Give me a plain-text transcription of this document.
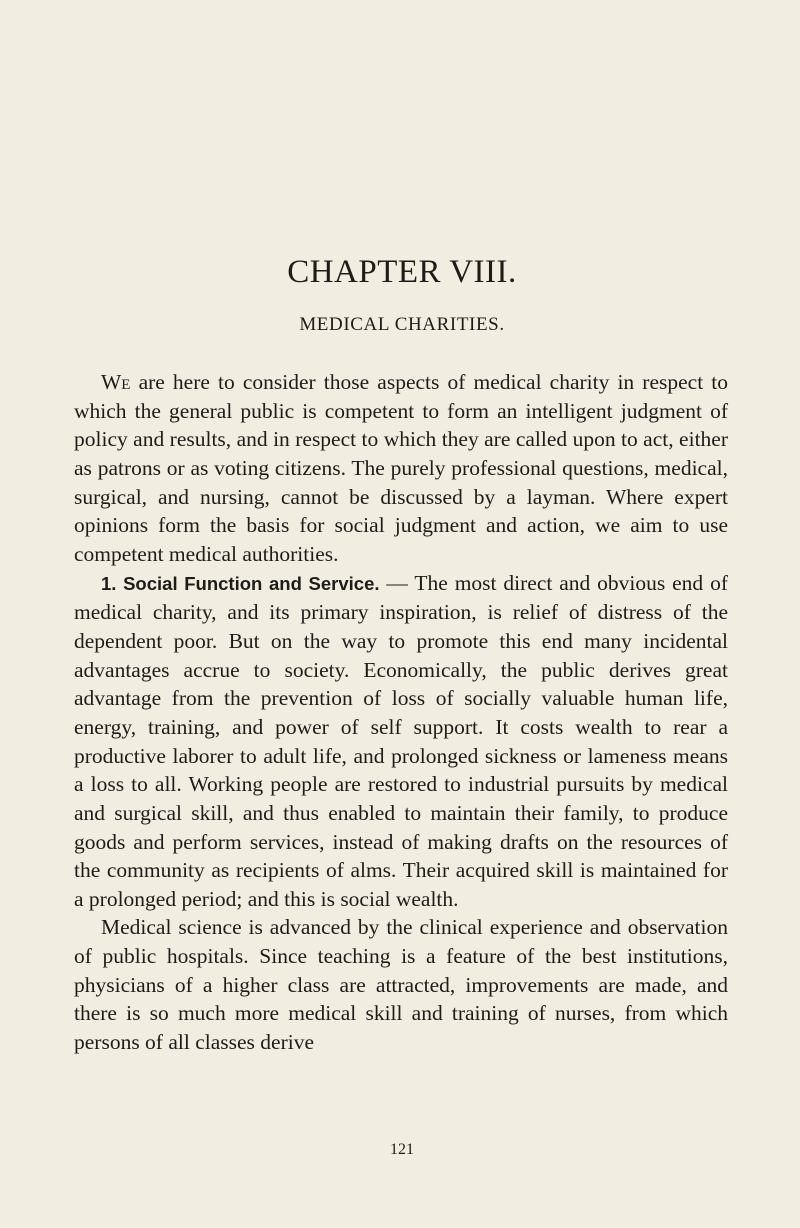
CHAPTER VIII.
MEDICAL CHARITIES.

We are here to consider those aspects of medical charity in respect to which the general public is competent to form an intelligent judgment of policy and results, and in respect to which they are called upon to act, either as patrons or as voting citizens. The purely professional questions, medical, surgical, and nursing, cannot be discussed by a layman. Where expert opinions form the basis for social judgment and action, we aim to use competent medical authorities.

1. Social Function and Service. — The most direct and obvious end of medical charity, and its primary inspiration, is relief of distress of the dependent poor. But on the way to promote this end many incidental advantages accrue to society. Economically, the public derives great advantage from the prevention of loss of socially valuable human life, energy, training, and power of self support. It costs wealth to rear a productive laborer to adult life, and prolonged sickness or lameness means a loss to all. Working people are restored to industrial pursuits by medical and surgical skill, and thus enabled to maintain their family, to produce goods and perform services, instead of making drafts on the resources of the community as recipients of alms. Their acquired skill is maintained for a prolonged period; and this is social wealth.

Medical science is advanced by the clinical experience and observation of public hospitals. Since teaching is a feature of the best institutions, physicians of a higher class are attracted, improvements are made, and there is so much more medical skill and training of nurses, from which persons of all classes derive

121
